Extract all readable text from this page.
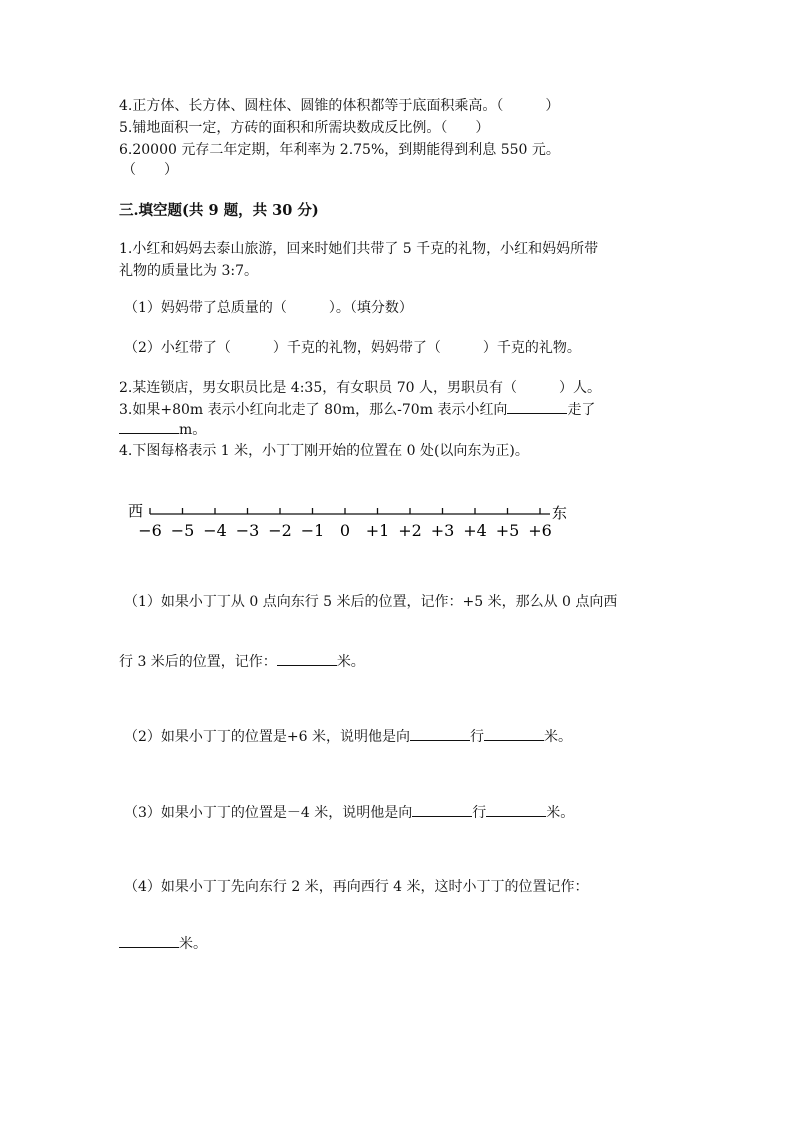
4.正方体、长方体、圆柱体、圆锥的体积都等于底面积乘高。（　　　）
5.铺地面积一定，方砖的面积和所需块数成反比例。（　　）
6.20000 元存二年定期，年利率为 2.75%，到期能得到利息 550 元。
（　　）
三.填空题(共 9 题，共 30 分)
1.小红和妈妈去泰山旅游，回来时她们共带了 5 千克的礼物，小红和妈妈所带
礼物的质量比为 3:7。
（1）妈妈带了总质量的（　　　）。（填分数）
（2）小红带了（　　　）千克的礼物，妈妈带了（　　　）千克的礼物。
2.某连锁店，男女职员比是 4:35，有女职员 70 人，男职员有（　　　）人。
3.如果+80m 表示小红向北走了 80m，那么-70m 表示小红向	走了
m。
4.下图每格表示 1 米，小丁丁刚开始的位置在 0 处(以向东为正)。
西	东
−6 −5 −4 −3 −2 −1 0 +1 +2 +3 +4 +5 +6
（1）如果小丁丁从 0 点向东行 5 米后的位置，记作：+5 米，那么从 0 点向西
行 3 米后的位置，记作：	米。
（2）如果小丁丁的位置是+6 米，说明他是向	行	米。
（3）如果小丁丁的位置是－4 米，说明他是向	行	米。
（4）如果小丁丁先向东行 2 米，再向西行 4 米，这时小丁丁的位置记作：
米。
